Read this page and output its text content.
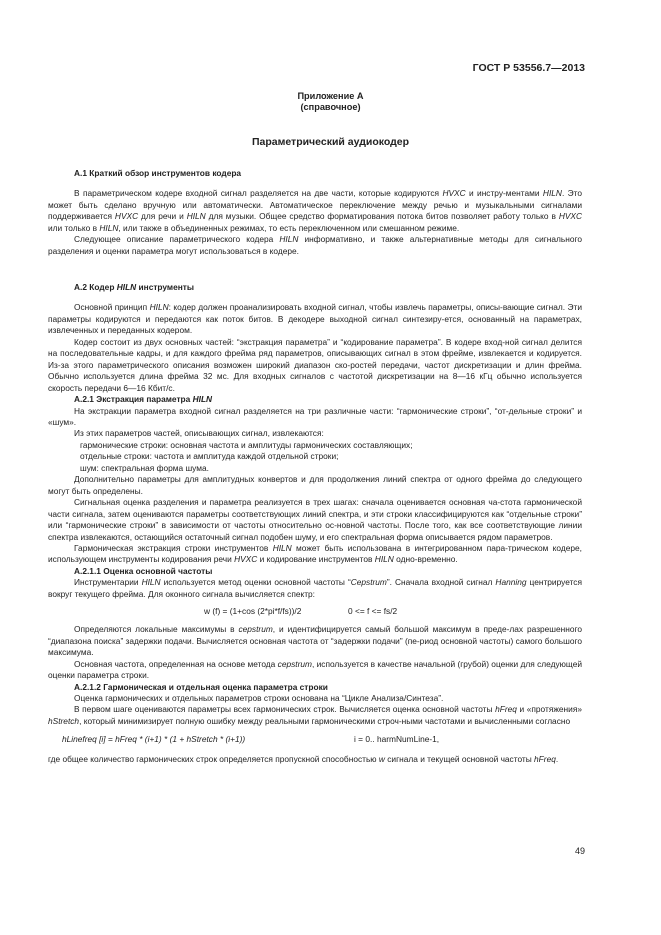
ГОСТ Р 53556.7—2013
Приложение А
(справочное)
Параметрический аудиокодер

А.1 Краткий обзор инструментов кодера

В параметрическом кодере входной сигнал разделяется на две части, которые кодируются HVXC и инстру-ментами HILN. Это может быть сделано вручную или автоматически. Автоматическое переключение между речью и музыкальными сигналами поддерживается HVXC для речи и HILN для музыки. Общее средство форматирования потока битов позволяет работу только в HVXC или только в HILN, или также в объединенных режимах, то есть переключенном или смешанном режиме.

Следующее описание параметрического кодера HILN информативно, и также альтернативные методы для сигнального разделения и оценки параметра могут использоваться в кодере.

А.2 Кодер HILN инструменты

Основной принцип HILN: кодер должен проанализировать входной сигнал, чтобы извлечь параметры, описы-вающие сигнал. Эти параметры кодируются и передаются как поток битов. В декодере выходной сигнал синтезиру-ется, основанный на параметрах, извлеченных и переданных кодером.

Кодер состоит из двух основных частей: “экстракция параметра” и “кодирование параметра”. В кодере вход-ной сигнал делится на последовательные кадры, и для каждого фрейма ряд параметров, описывающих сигнал в этом фрейме, извлекается и кодируется. Из-за этого параметрического описания возможен широкий диапазон ско-ростей передачи, частот дискретизации и длин фрейма. Обычно используется длина фрейма 32 мс. Для входных сигналов с частотой дискретизации на 8—16 кГц обычно используется скорость передачи 6—16 Кбит/с.

А.2.1 Экстракция параметра HILN

На экстракции параметра входной сигнал разделяется на три различные части: “гармонические строки”, “от-дельные строки” и «шум».

Из этих параметров частей, описывающих сигнал, извлекаются:

гармонические строки: основная частота и амплитуды гармонических составляющих;

отдельные строки: частота и амплитуда каждой отдельной строки;

шум: спектральная форма шума.

Дополнительно параметры для амплитудных конвертов и для продолжения линий спектра от одного фрейма до следующего могут быть определены.

Сигнальная оценка разделения и параметра реализуется в трех шагах: сначала оценивается основная ча-стота гармонической части сигнала, затем оцениваются параметры соответствующих линий спектра, и эти строки классифицируются как “отдельные строки” или “гармонические строки” в зависимости от частоты относительно ос-новной частоты. После того, как все соответствующие линии спектра извлекаются, остающийся остаточный сигнал подобен шуму, и его спектральная форма описывается рядом параметров.

Гармоническая экстракция строки инструментов HILN может быть использована в интегрированном пара-трическом кодере, использующем инструменты кодирования речи HVXC и кодирование инструментов HILN одно-временно.

А.2.1.1 Оценка основной частоты

Инструментарии HILN используется метод оценки основной частоты “Cepstrum”. Сначала входной сигнал Hanning центрируется вокруг текущего фрейма. Для оконного сигнала вычисляется спектр:

w (f) = (1+cos (2*pi*f/fs))/2	0 <= f <= fs/2

Определяются локальные максимумы в cepstrum, и идентифицируется самый большой максимум в преде-лах разрешенного “диапазона поиска” задержки подачи. Вычисляется основная частота от “задержки подачи” (пе-риод основной частоты) самого большого максимума.

Основная частота, определенная на основе метода cepstrum, используется в качестве начальной (грубой) оценки для следующей оценки параметра строки.

А.2.1.2 Гармоническая и отдельная оценка параметра строки

Оценка гармонических и отдельных параметров строки основана на “Цикле Анализа/Синтеза”.

В первом шаге оцениваются параметры всех гармонических строк. Вычисляется оценка основной частоты hFreq и «протяжения» hStretch, который минимизирует полную ошибку между реальными гармоническими строч-ными частотами и вычисленными согласно

hLinefreq [i] = hFreq * (i+1) * (1 + hStretch * (i+1))	i = 0.. harmNumLine-1,

где общее количество гармонических строк определяется пропускной способностью w сигнала и текущей основной частоты hFreq.

49
